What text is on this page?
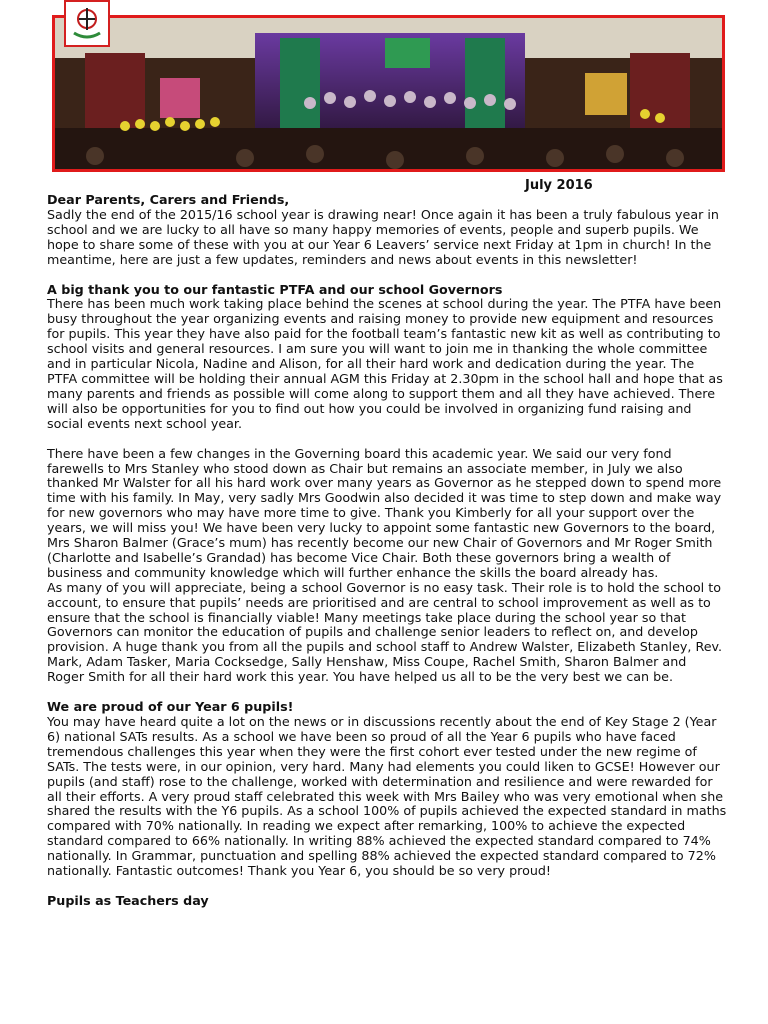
July 2016
Dear Parents, Carers and Friends,

Sadly the end of the 2015/16 school year is drawing near! Once again it has been a truly fabulous year in school and we are lucky to all have so many happy memories of events, people and superb pupils. We hope to share some of these with you at our Year 6 Leavers’ service next Friday at 1pm in church! In the meantime, here are just a few updates, reminders and news about events in this newsletter!

A big thank you to our fantastic PTFA and our school Governors

There has been much work taking place behind the scenes at school during the year. The PTFA have been busy throughout the year organizing events and raising money to provide new equipment and resources for pupils. This year they have also paid for the football team’s fantastic new kit as well as contributing to school visits and general resources. I am sure you will want to join me in thanking the whole committee and in particular Nicola, Nadine and Alison, for all their hard work and dedication during the year. The PTFA committee will be holding their annual AGM this Friday at 2.30pm in the school hall and hope that as many parents and friends as possible will come along to support them and all they have achieved. There will also be opportunities for you to find out how you could be involved in organizing fund raising and social events next school year.

There have been a few changes in the Governing board this academic year. We said our very fond farewells to Mrs Stanley who stood down as Chair but remains an associate member, in July we also thanked Mr Walster for all his hard work over many years as Governor as he stepped down to spend more time with his family. In May, very sadly Mrs Goodwin also decided it was time to step down and make way for new governors who may have more time to give. Thank you Kimberly for all your support over the years, we will miss you! We have been very lucky to appoint some fantastic new Governors to the board, Mrs Sharon Balmer (Grace’s mum) has recently become our new Chair of Governors and Mr Roger Smith (Charlotte and Isabelle’s Grandad) has become Vice Chair. Both these governors bring a wealth of business and community knowledge which will further enhance the skills the board already has.

As many of you will appreciate, being a school Governor is no easy task. Their role is to hold the school to account, to ensure that pupils’ needs are prioritised and are central to school improvement as well as to ensure that the school is financially viable! Many meetings take place during the school year so that Governors can monitor the education of pupils and challenge senior leaders to reflect on, and develop provision. A huge thank you from all the pupils and school staff to Andrew Walster, Elizabeth Stanley, Rev. Mark, Adam Tasker, Maria Cocksedge, Sally Henshaw, Miss Coupe, Rachel Smith, Sharon Balmer and Roger Smith for all their hard work this year. You have helped us all to be the very best we can be.

We are proud of our Year 6 pupils!

You may have heard quite a lot on the news or in discussions recently about the end of Key Stage 2 (Year 6) national SATs results. As a school we have been so proud of all the Year 6 pupils who have faced tremendous challenges this year when they were the first cohort ever tested under the new regime of SATs. The tests were, in our opinion, very hard. Many had elements you could liken to GCSE! However our pupils (and staff) rose to the challenge, worked with determination and resilience and were rewarded for all their efforts. A very proud staff celebrated this week with Mrs Bailey who was very emotional when she shared the results with the Y6 pupils. As a school 100% of pupils achieved the expected standard in maths compared with 70% nationally. In reading we expect after remarking, 100% to achieve the expected standard compared to 66% nationally. In writing 88% achieved the expected standard compared to 74% nationally. In Grammar, punctuation and spelling 88% achieved the expected standard compared to 72% nationally. Fantastic outcomes! Thank you Year 6, you should be so very proud!

Pupils as Teachers day
